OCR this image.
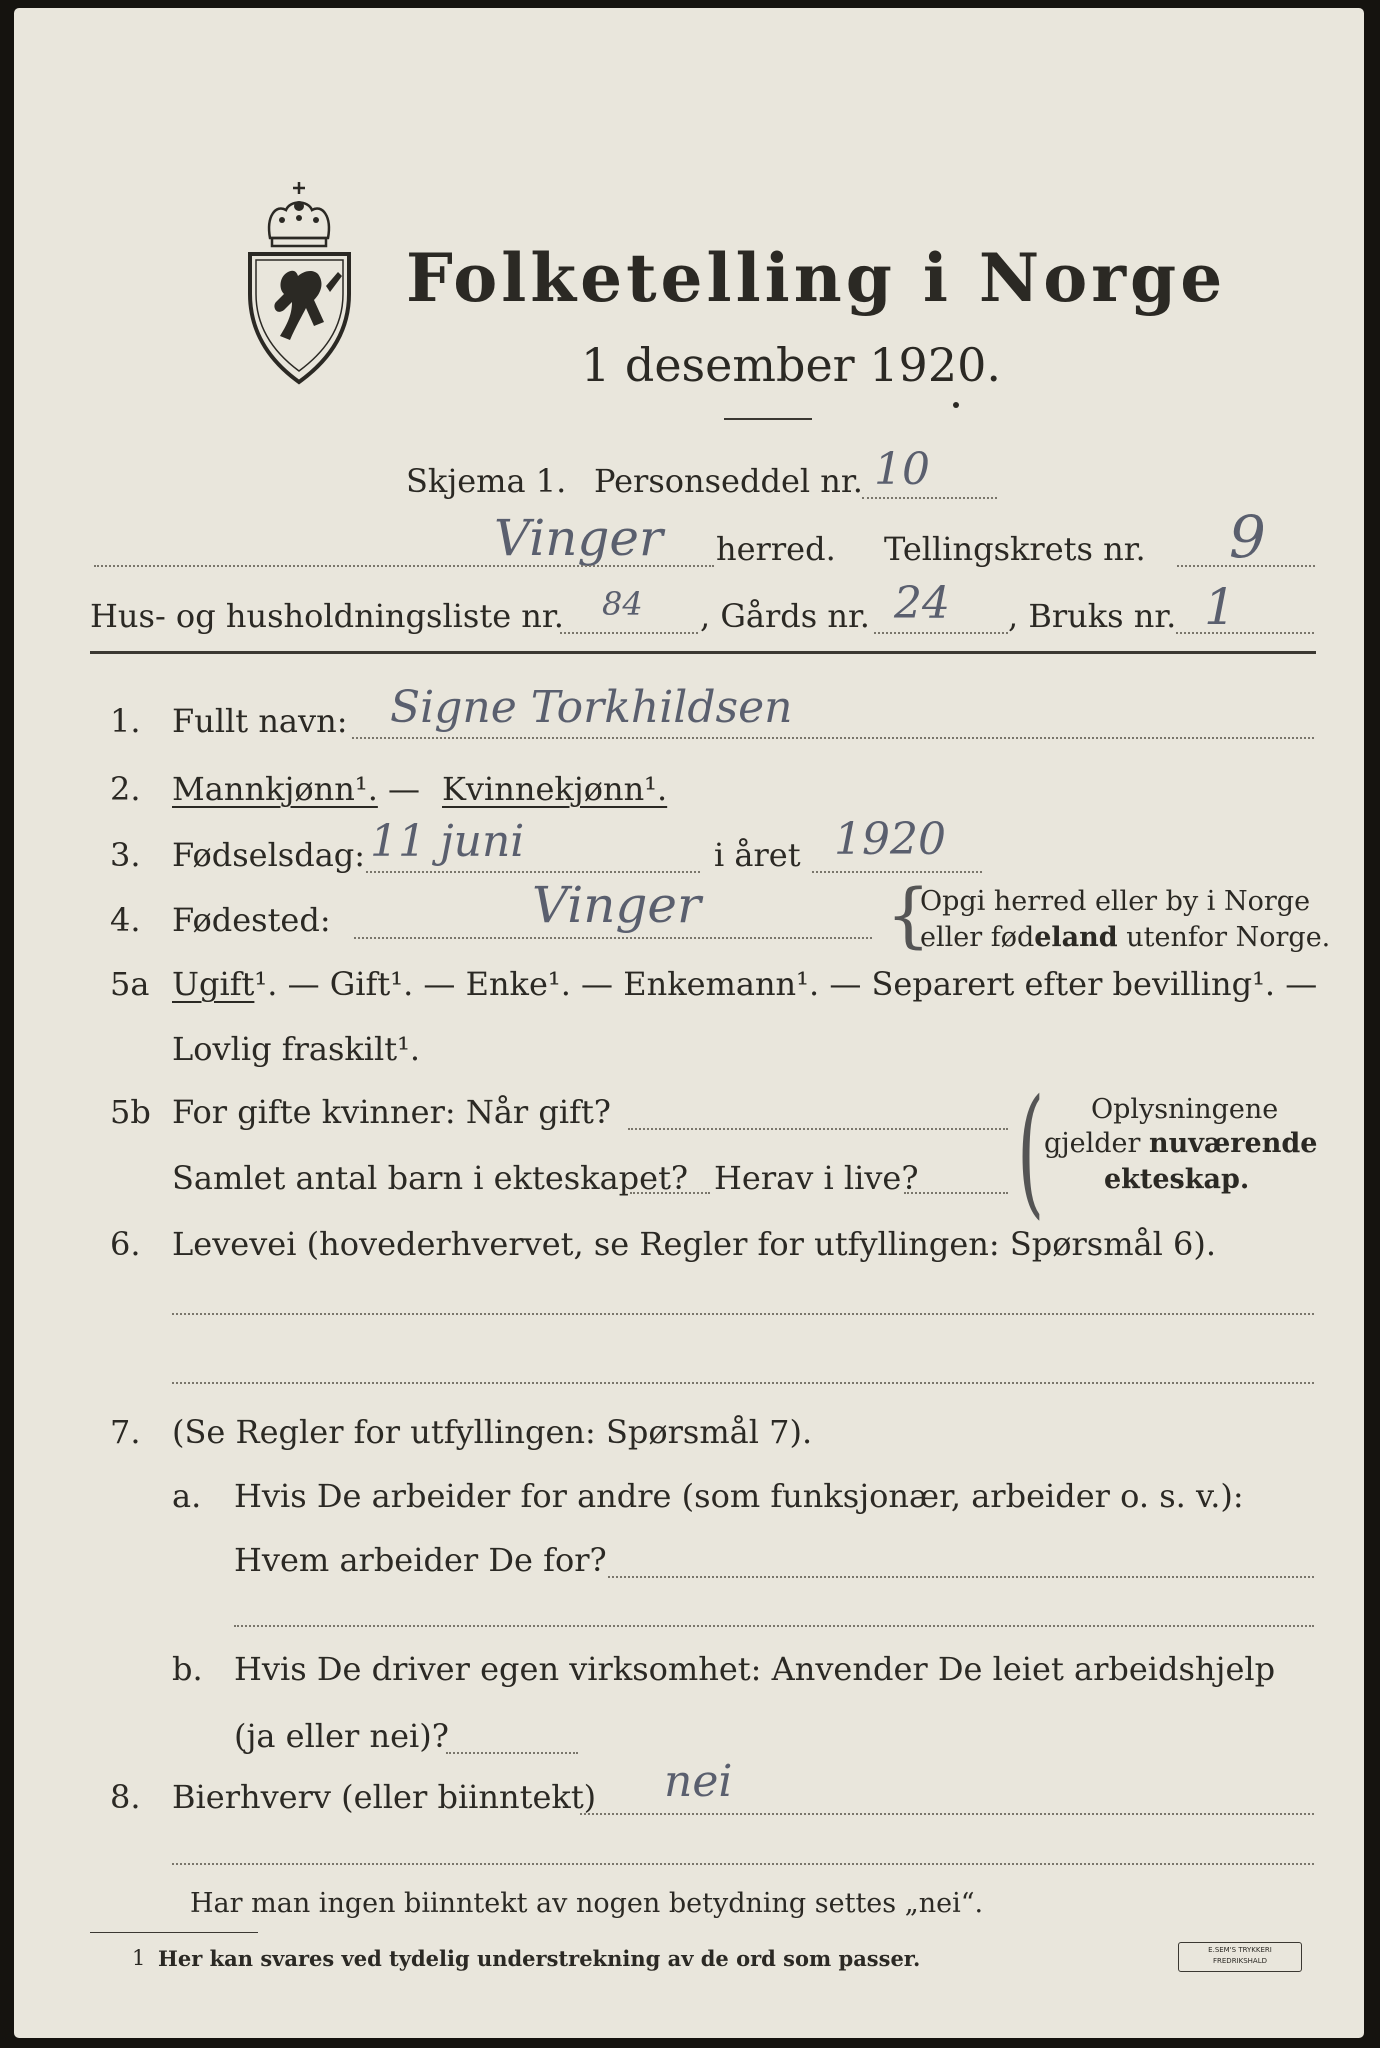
Folketelling i Norge
1 desember 1920.
Skjema 1. Personseddel nr. 10
Vinger herred. Tellingskrets nr. 9
Hus- og husholdningsliste nr. 84 , Gårds nr. 24 , Bruks nr. 1
1. Fullt navn: Signe Torkhildsen
2. Mannkjønn¹. — Kvinnekjønn¹.
3. Fødselsdag: 11 juni	i året 1920
4. Fødested:	Vinger	{
Opgi herred eller by i Norge
eller fødeland utenfor Norge.
5a Ugift¹. — Gift¹. — Enke¹. — Enkemann¹. — Separert efter bevilling¹. —
Lovlig fraskilt¹.
5b For gifte kvinner: Når gift?
Samlet antal barn i ekteskapet? Herav i live? ( Oplysningene
gjelder nuværende
ekteskap.
6. Levevei (hovederhvervet, se Regler for utfyllingen: Spørsmål 6).
7. (Se Regler for utfyllingen: Spørsmål 7).
a. Hvis De arbeider for andre (som funksjonær, arbeider o. s. v.):
Hvem arbeider De for?
b. Hvis De driver egen virksomhet: Anvender De leiet arbeidshjelp
(ja eller nei)?
8. Bierhverv (eller biinntekt) nei
Har man ingen biinntekt av nogen betydning settes „nei“.
1 Her kan svares ved tydelig understrekning av de ord som passer.	E.SEM'S TRYKKERI
FREDRIKSHALD
